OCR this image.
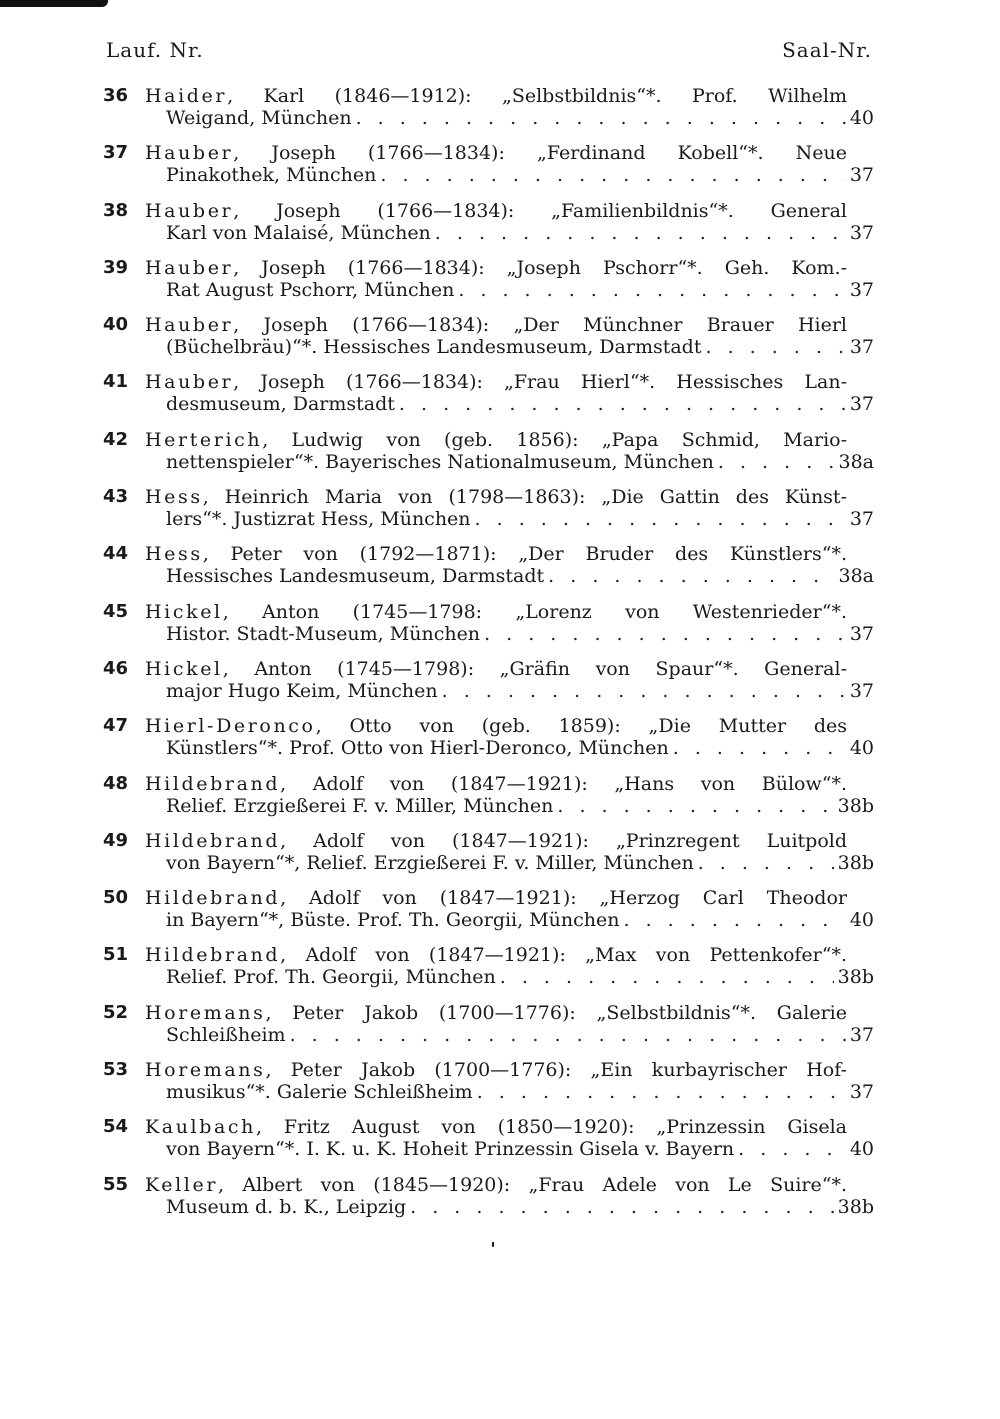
Lauf. Nr.	Saal-Nr.
36 Haider, Karl (1846—1912): „Selbstbildnis“*. Prof. Wilhelm
Weigand, München . . .	40
37 Hauber, Joseph (1766—1834): „Ferdinand Kobell“*. Neue
Pinakothek, München . . .	37
38 Hauber, Joseph (1766—1834): „Familienbildnis“*. General
Karl von Malaisé, München . . .	37
39 Hauber, Joseph (1766—1834): „Joseph Pschorr“*. Geh. Kom.-
Rat August Pschorr, München . . .	37
40 Hauber, Joseph (1766—1834): „Der Münchner Brauer Hierl
(Büchelbräu)“*. Hessisches Landesmuseum, Darmstadt . . .	37
41 Hauber, Joseph (1766—1834): „Frau Hierl“*. Hessisches Lan-
desmuseum, Darmstadt . . .	37
42 Herterich, Ludwig von (geb. 1856): „Papa Schmid, Mario-
nettenspieler“*. Bayerisches Nationalmuseum, München . . .	38a
43 Hess, Heinrich Maria von (1798—1863): „Die Gattin des Künst-
lers“*. Justizrat Hess, München . . .	37
44 Hess, Peter von (1792—1871): „Der Bruder des Künstlers“*.
Hessisches Landesmuseum, Darmstadt . . .	38a
45 Hickel, Anton (1745—1798: „Lorenz von Westenrieder“*.
Histor. Stadt-Museum, München . . .	37
46 Hickel, Anton (1745—1798): „Gräfin von Spaur“*. General-
major Hugo Keim, München . . .	37
47 Hierl-Deronco, Otto von (geb. 1859): „Die Mutter des
Künstlers“*. Prof. Otto von Hierl-Deronco, München . . .	40
48 Hildebrand, Adolf von (1847—1921): „Hans von Bülow“*.
Relief. Erzgießerei F. v. Miller, München . . .	38b
49 Hildebrand, Adolf von (1847—1921): „Prinzregent Luitpold
von Bayern“*, Relief. Erzgießerei F. v. Miller, München . . .	38b
50 Hildebrand, Adolf von (1847—1921): „Herzog Carl Theodor
in Bayern“*, Büste. Prof. Th. Georgii, München . . .	40
51 Hildebrand, Adolf von (1847—1921): „Max von Pettenkofer“*.
Relief. Prof. Th. Georgii, München . . .	38b
52 Horemans, Peter Jakob (1700—1776): „Selbstbildnis“*. Galerie
Schleißheim . . .	37
53 Horemans, Peter Jakob (1700—1776): „Ein kurbayrischer Hof-
musikus“*. Galerie Schleißheim . . .	37
54 Kaulbach, Fritz August von (1850—1920): „Prinzessin Gisela
von Bayern“*. I. K. u. K. Hoheit Prinzessin Gisela v. Bayern . . .	40
55 Keller, Albert von (1845—1920): „Frau Adele von Le Suire“*.
Museum d. b. K., Leipzig . . .	38b
'
